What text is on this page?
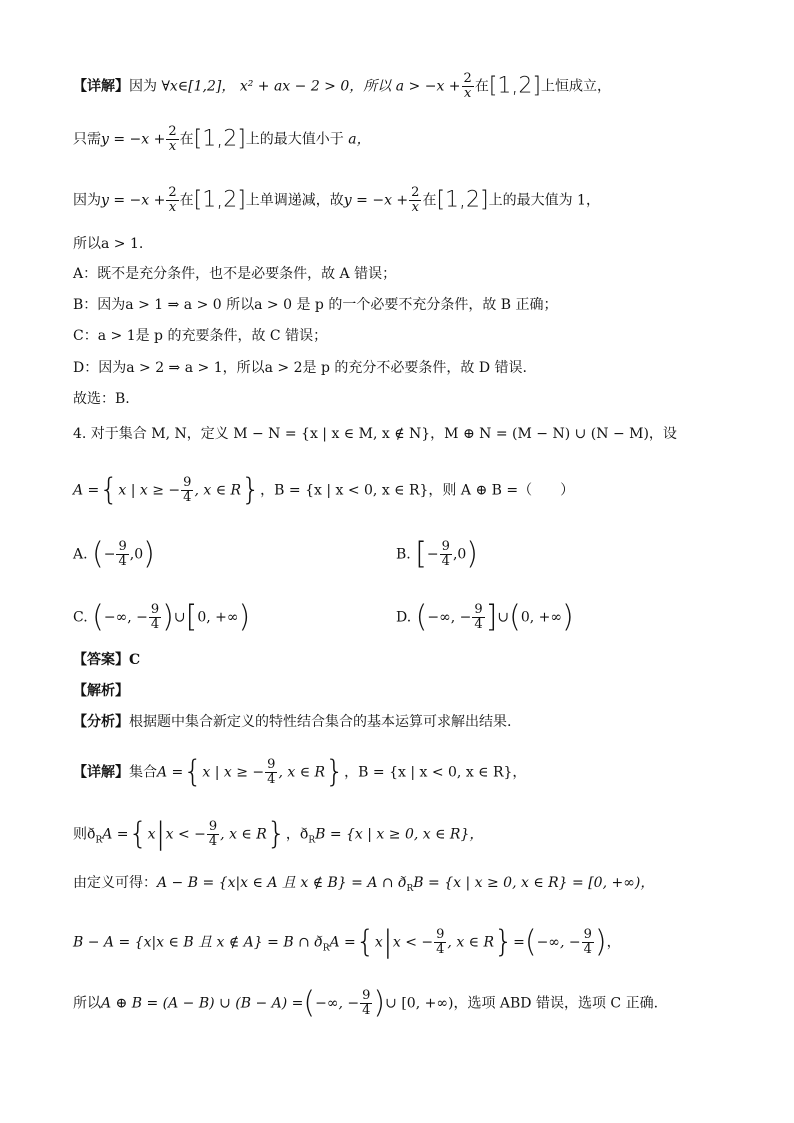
【详解】因为 ∀x∈[1,2]， x² + ax − 2 > 0，所以 $a > -x + \frac{2}{x}$ 在[1,2]上恒成立，
只需$y = -x + \frac{2}{x}$ 在[1,2]上的最大值小于 a，
因为$y = -x + \frac{2}{x}$ 在[1,2]上单调递减，故$y = -x + \frac{2}{x}$ 在[1,2]上的最大值为 1，
所以a > 1.
A：既不是充分条件，也不是必要条件，故 A 错误；
B：因为a > 1 ⇒ a > 0 所以a > 0 是 p 的一个必要不充分条件，故 B 正确；
C：a > 1是 p 的充要条件，故 C 错误；
D：因为a > 2 ⇒ a > 1，所以a > 2是 p 的充分不必要条件，故 D 错误.
故选：B.
4. 对于集合 M, N，定义 M − N = {x | x ∈ M, x ∉ N}，M ⊕ N = (M − N) ∪ (N − M)，设
A ={x | x ≥ − $\frac{9}{4}$ , x ∈ R}，B = {x | x < 0, x ∈ R}，则 A ⊕ B =（　　）
A. (− $\frac{9}{4} ,0$)	B. [− $\frac{9}{4} ,0$)
C. (−∞, − $\frac{9}{4}$ )∪[0, +∞)	D. (−∞, − $\frac{9}{4}$ ]∪(0, +∞)
【答案】C
【解析】
【分析】根据题中集合新定义的特性结合集合的基本运算可求解出结果.
【详解】集合A ={x | x ≥ − $\frac{9}{4}$ , x ∈ R}，B = {x | x < 0, x ∈ R}，
则$ð_RA =\{x|x$ < − $\frac{9}{4}$ , x ∈ R}，$ð_RB = \{x$ | x ≥ 0, x ∈ R}，
由定义可得：A − B = {x|x ∈ A 且 x ∉ B} = A ∩ $ð_RB = \{x$ | x ≥ 0, x ∈ R} = [0, +∞)，
B − A = {x|x ∈ B 且 x ∉ A} = B ∩ $ð_RA =\{x|x$ < − $\frac{9}{4}$ , x ∈ R}=(−∞, − $\frac{9}{4}$ )，
所以A ⊕ B = (A − B) ∪ (B − A) =(−∞, − $\frac{9}{4}$ )∪ [0, +∞)，选项 ABD 错误，选项 C 正确.
